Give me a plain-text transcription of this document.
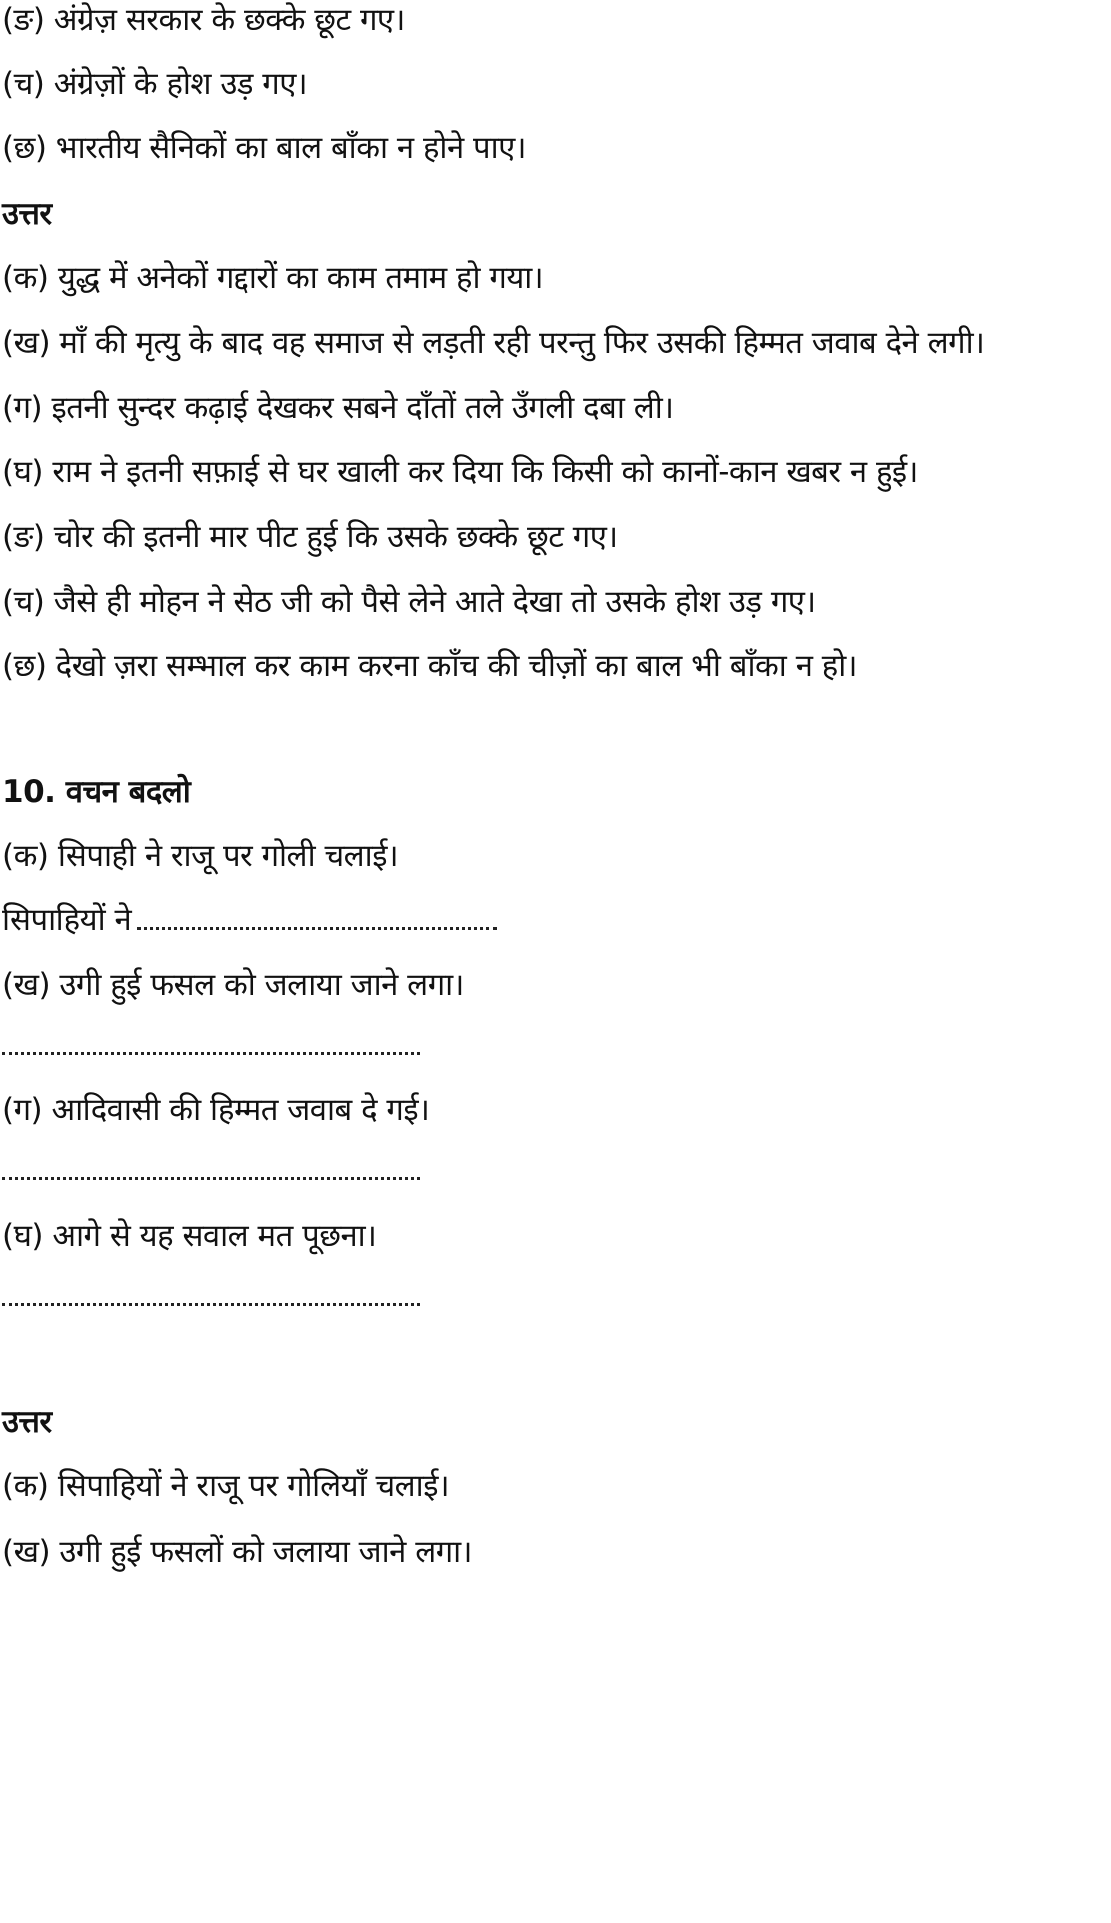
(ङ) अंग्रेज़ सरकार के छक्के छूट गए।
(च) अंग्रेज़ों के होश उड़ गए।
(छ) भारतीय सैनिकों का बाल बाँका न होने पाए।
उत्तर
(क) युद्ध में अनेकों गद्दारों का काम तमाम हो गया।
(ख) माँ की मृत्यु के बाद वह समाज से लड़ती रही परन्तु फिर उसकी हिम्मत जवाब देने लगी।
(ग) इतनी सुन्दर कढ़ाई देखकर सबने दाँतों तले उँगली दबा ली।
(घ) राम ने इतनी सफ़ाई से घर खाली कर दिया कि किसी को कानों-कान खबर न हुई।
(ङ) चोर की इतनी मार पीट हुई कि उसके छक्के छूट गए।
(च) जैसे ही मोहन ने सेठ जी को पैसे लेने आते देखा तो उसके होश उड़ गए।
(छ) देखो ज़रा सम्भाल कर काम करना काँच की चीज़ों का बाल भी बाँका न हो।
10. वचन बदलो
(क) सिपाही ने राजू पर गोली चलाई।
सिपाहियों ने
(ख) उगी हुई फसल को जलाया जाने लगा।
(ग) आदिवासी की हिम्मत जवाब दे गई।
(घ) आगे से यह सवाल मत पूछना।
उत्तर
(क) सिपाहियों ने राजू पर गोलियाँ चलाई।
(ख) उगी हुई फसलों को जलाया जाने लगा।
